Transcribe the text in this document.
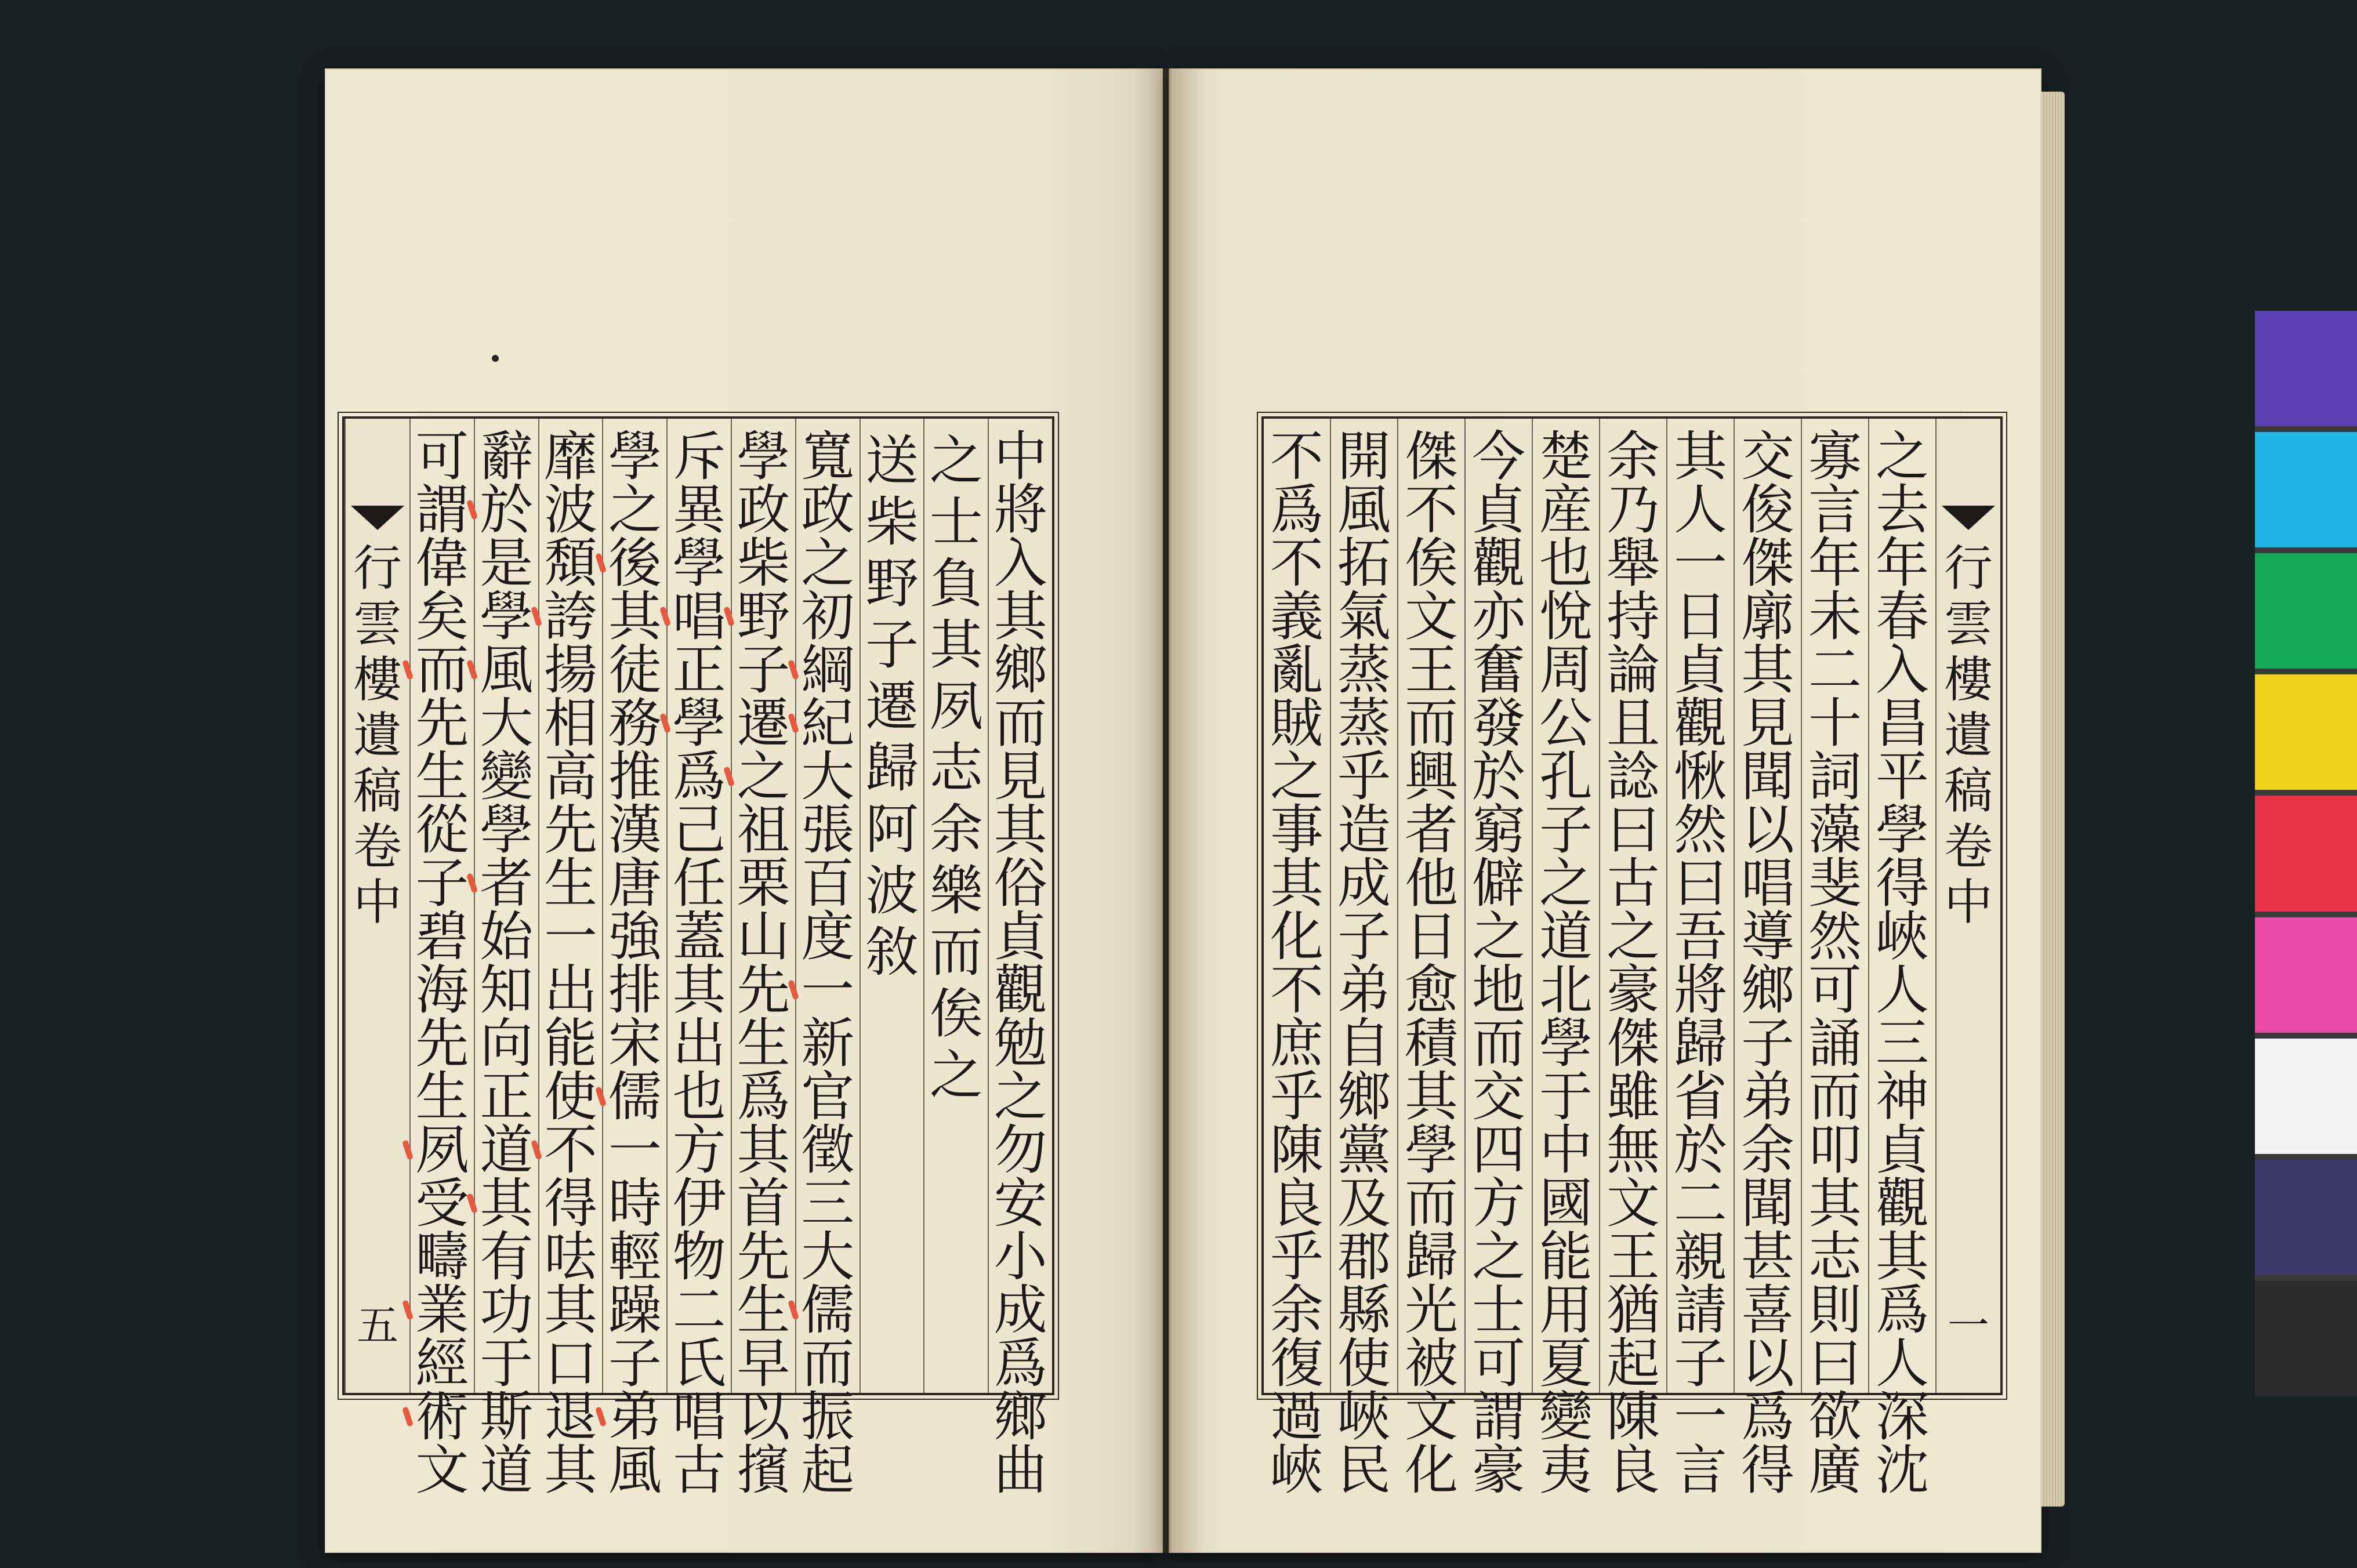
中
將
入
其
鄉
而
見
其
俗
貞
觀
勉
之
勿
安
小
成
爲
鄉
曲
之
士
負
其
夙
志
余
樂
而
俟
之
送
柴
野
子
遷
歸
阿
波
敘
寬
政
之
初
綱
紀
大
張
百
度
一
新
官
徵
三
大
儒
而
振
起
學
政
柴
野
子
遷
之
祖
栗
山
先
生
爲
其
首
先
生
早
以
擯
斥
異
學
唱
正
學
爲
己
任
蓋
其
出
也
方
伊
物
二
氏
唱
古
學
之
後
其
徒
務
推
漢
唐
強
排
宋
儒
一
時
輕
躁
子
弟
風
靡
波
頽
誇
揚
相
高
先
生
一
出
能
使
不
得
呿
其
口
退
其
辭
於
是
學
風
大
變
學
者
始
知
向
正
道
其
有
功
于
斯
道
可
謂
偉
矣
而
先
生
從
子
碧
海
先
生
夙
受
疇
業
經
術
文
行
雲
樓
遺
稿
卷
中
五
行
雲
樓
遺
稿
卷
中
一
之
去
年
春
入
昌
平
學
得
峽
人
三
神
貞
觀
其
爲
人
深
沈
寡
言
年
未
二
十
詞
藻
斐
然
可
誦
而
叩
其
志
則
曰
欲
廣
交
俊
傑
廓
其
見
聞
以
唱
導
鄉
子
弟
余
聞
甚
喜
以
爲
得
其
人
一
日
貞
觀
愀
然
曰
吾
將
歸
省
於
二
親
請
子
一
言
余
乃
舉
持
論
且
諗
曰
古
之
豪
傑
雖
無
文
王
猶
起
陳
良
楚
産
也
悅
周
公
孔
子
之
道
北
學
于
中
國
能
用
夏
變
夷
今
貞
觀
亦
奮
發
於
窮
僻
之
地
而
交
四
方
之
士
可
謂
豪
傑
不
俟
文
王
而
興
者
他
日
愈
積
其
學
而
歸
光
被
文
化
開
風
拓
氣
蒸
蒸
乎
造
成
子
弟
自
鄉
黨
及
郡
縣
使
峽
民
不
爲
不
義
亂
賊
之
事
其
化
不
庶
乎
陳
良
乎
余
復
過
峽
